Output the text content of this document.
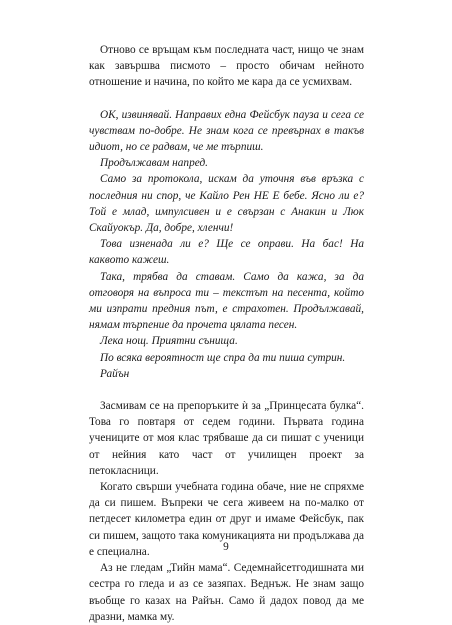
Отново се връщам към последната част, нищо че знам как завършва писмото – просто обичам нейното отношение и начина, по който ме кара да се усмихвам.

ОК, извинявай. Направих една Фейсбук пауза и сега се чувствам по-добре. Не знам кога се превърнах в такъв идиот, но се радвам, че ме търпиш.

Продължавам напред.

Само за протокола, искам да уточня във връзка с последния ни спор, че Кайло Рен НЕ Е бебе. Ясно ли е? Той е млад, импулсивен и е свързан с Анакин и Люк Скайуокър. Да, добре, хленчи!

Това изненада ли е? Ще се оправи. На бас! На каквото кажеш.

Така, трябва да ставам. Само да кажа, за да отговоря на въпроса ти – текстът на песента, който ми изпрати предния път, е страхотен. Продължавай, нямам търпение да прочета цялата песен.

Лека нощ. Приятни сънища.

По всяка вероятност ще спра да ти пиша сутрин.

Райън

Засмивам се на препоръките ѝ за „Принцесата булка“. Това го повтаря от седем години. Първата година учениците от моя клас трябваше да си пишат с ученици от нейния като част от училищен проект за петокласници.

Когато свърши учебната година обаче, ние не спряхме да си пишем. Въпреки че сега живеем на по-малко от петдесет километра един от друг и имаме Фейсбук, пак си пишем, защото така комуникацията ни продължава да е специална.

Аз не гледам „Тийн мама“. Седемнайсетгодишната ми сестра го гледа и аз се зазяпах. Веднъж. Не знам защо въобще го казах на Райън. Само й дадох повод да ме дразни, мамка му.

9
